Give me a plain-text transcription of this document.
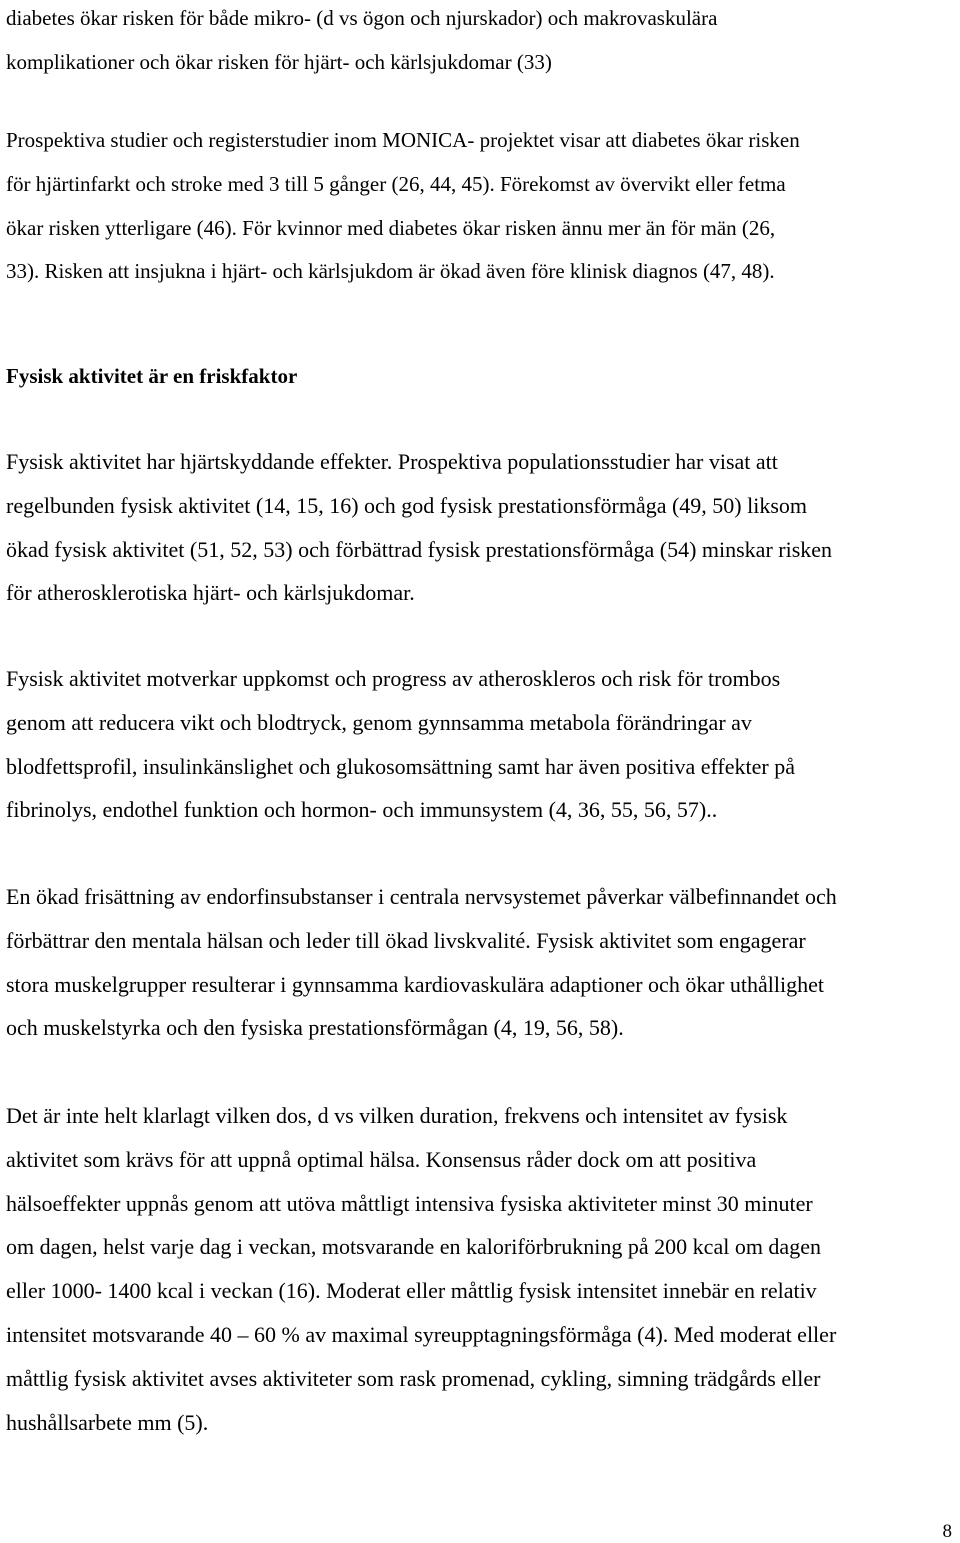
diabetes ökar risken för både mikro- (d vs ögon och njurskador) och makrovaskulära
komplikationer och ökar risken för hjärt- och kärlsjukdomar (33)
Prospektiva studier och registerstudier inom MONICA- projektet visar att diabetes ökar risken
för hjärtinfarkt och stroke med 3 till 5 gånger (26, 44, 45). Förekomst av övervikt eller fetma
ökar risken ytterligare (46). För kvinnor med diabetes ökar risken ännu mer än för män (26,
33). Risken att insjukna i hjärt- och kärlsjukdom är ökad även före klinisk diagnos (47, 48).
Fysisk aktivitet är en friskfaktor
Fysisk aktivitet har hjärtskyddande effekter. Prospektiva populationsstudier har visat att
regelbunden fysisk aktivitet (14, 15, 16) och god fysisk prestationsförmåga (49, 50) liksom
ökad fysisk aktivitet (51, 52, 53) och förbättrad fysisk prestationsförmåga (54) minskar risken
för atherosklerotiska hjärt- och kärlsjukdomar.
Fysisk aktivitet motverkar uppkomst och progress av atheroskleros och risk för trombos
genom att reducera vikt och blodtryck, genom gynnsamma metabola förändringar av
blodfettsprofil, insulinkänslighet och glukosomsättning samt har även positiva effekter på
fibrinolys, endothel funktion och hormon- och immunsystem (4, 36, 55, 56, 57)..
En ökad frisättning av endorfinsubstanser i centrala nervsystemet påverkar välbefinnandet och
förbättrar den mentala hälsan och leder till ökad livskvalité. Fysisk aktivitet som engagerar
stora muskelgrupper resulterar i gynnsamma kardiovaskulära adaptioner och ökar uthållighet
och muskelstyrka och den fysiska prestationsförmågan (4, 19, 56, 58).
Det är inte helt klarlagt vilken dos, d vs vilken duration, frekvens och intensitet av fysisk
aktivitet som krävs för att uppnå optimal hälsa. Konsensus råder dock om att positiva
hälsoeffekter uppnås genom att utöva måttligt intensiva fysiska aktiviteter minst 30 minuter
om dagen, helst varje dag i veckan, motsvarande en kaloriförbrukning på 200 kcal om dagen
eller 1000- 1400 kcal i veckan (16). Moderat eller måttlig fysisk intensitet innebär en relativ
intensitet motsvarande 40 – 60 % av maximal syreupptagningsförmåga (4). Med moderat eller
måttlig fysisk aktivitet avses aktiviteter som rask promenad, cykling, simning trädgårds eller
hushållsarbete mm (5).

8
